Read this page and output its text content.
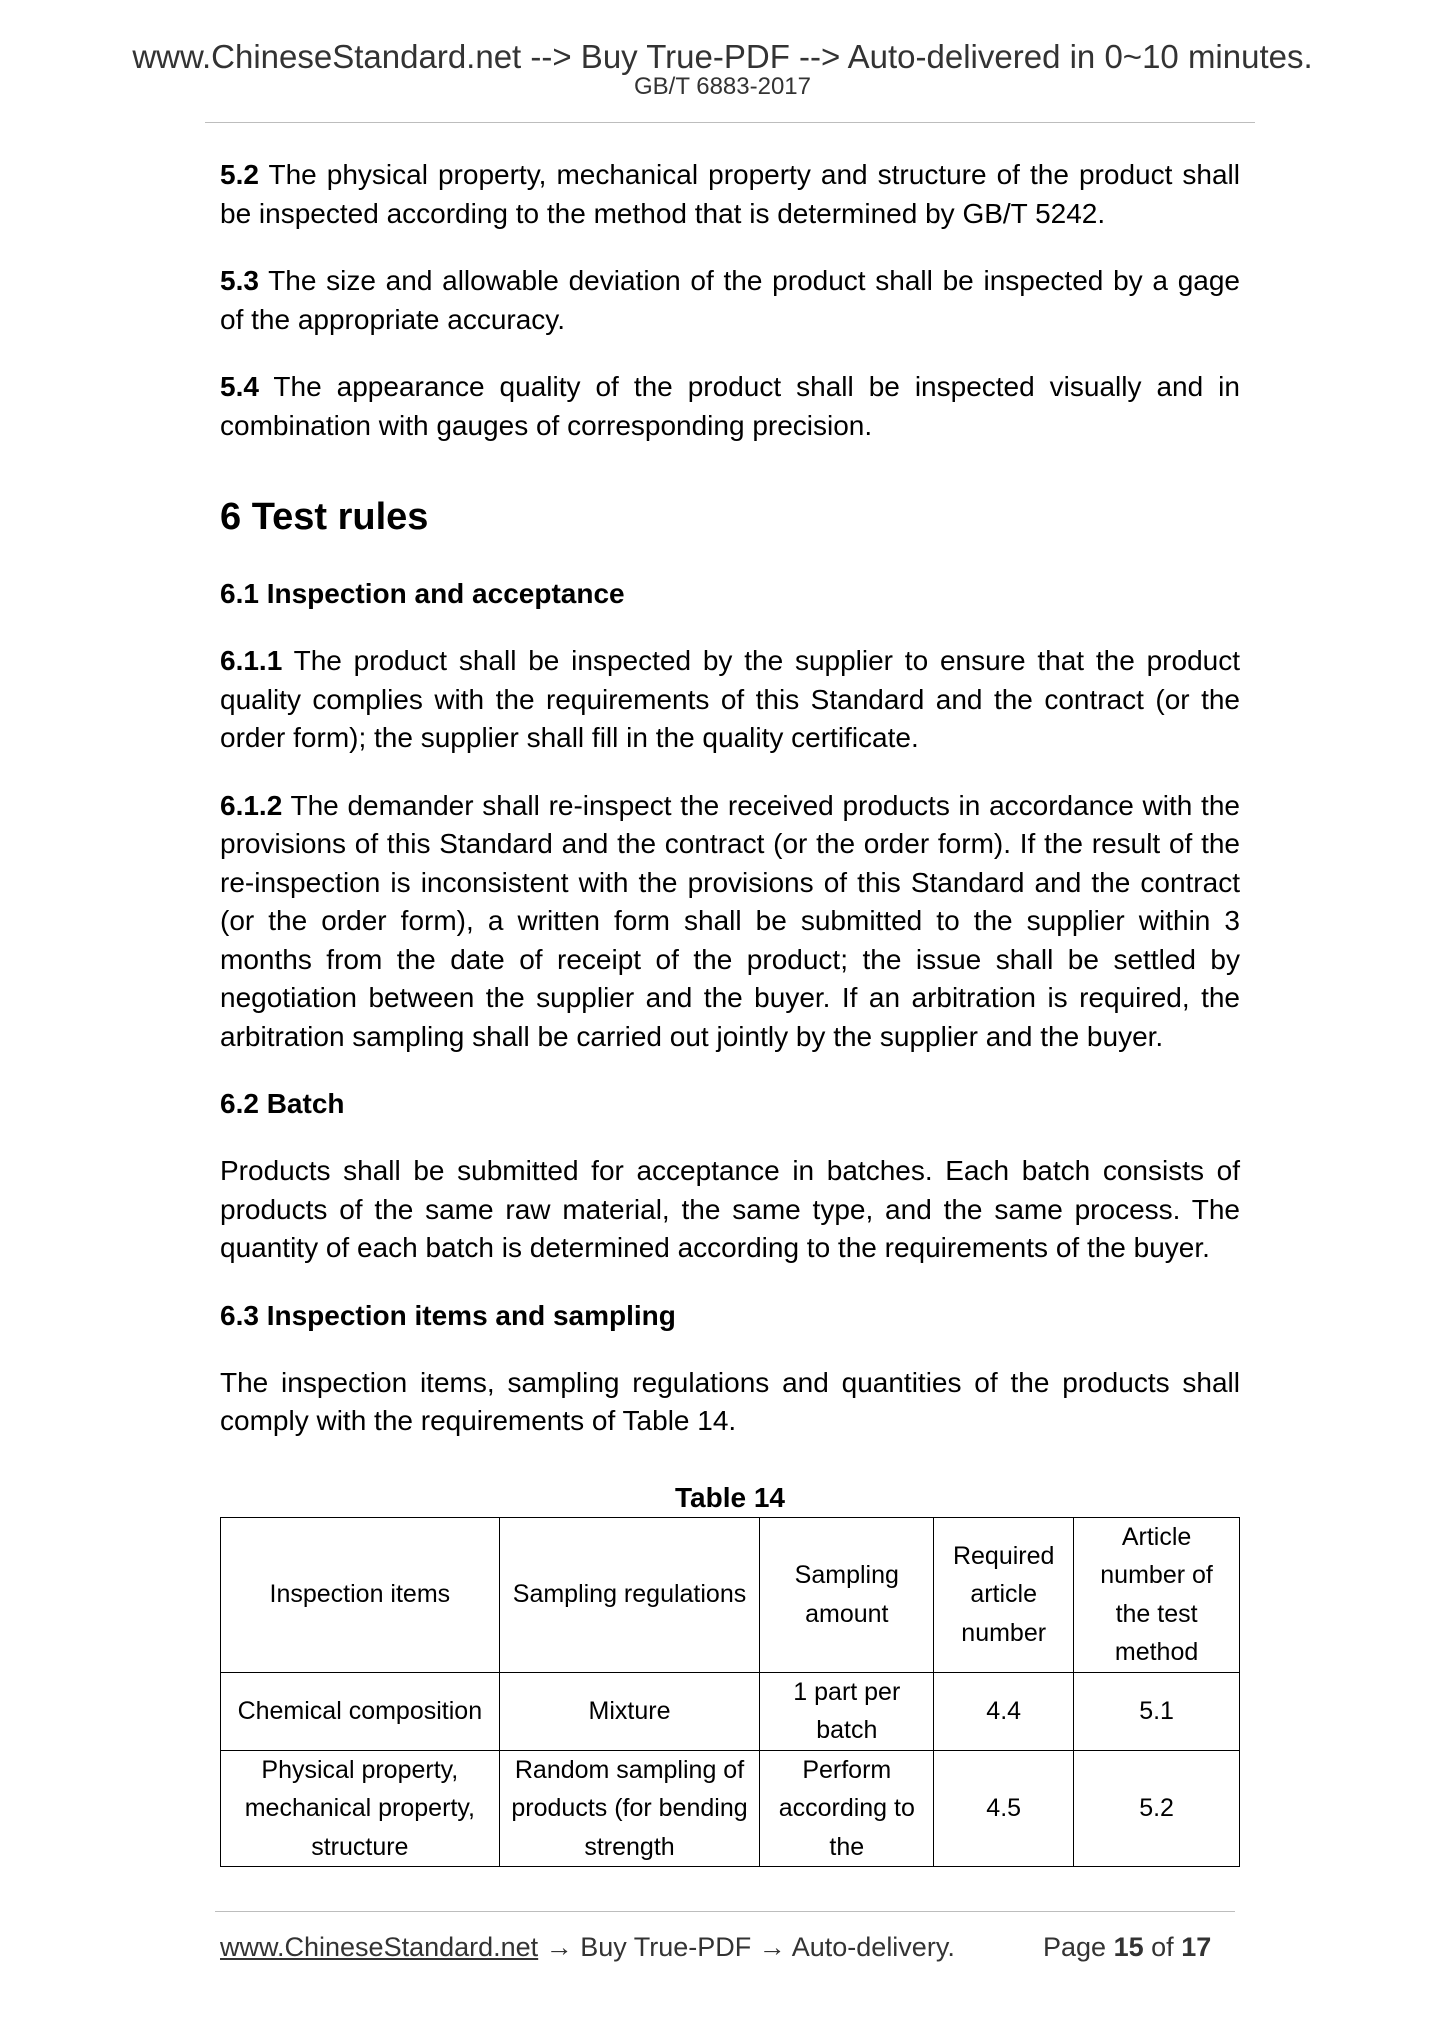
www.ChineseStandard.net --> Buy True-PDF --> Auto-delivered in 0~10 minutes.
GB/T 6883-2017

5.2 The physical property, mechanical property and structure of the product shall be inspected according to the method that is determined by GB/T 5242.

5.3 The size and allowable deviation of the product shall be inspected by a gage of the appropriate accuracy.

5.4 The appearance quality of the product shall be inspected visually and in combination with gauges of corresponding precision.

6 Test rules
6.1 Inspection and acceptance

6.1.1 The product shall be inspected by the supplier to ensure that the product quality complies with the requirements of this Standard and the contract (or the order form); the supplier shall fill in the quality certificate.

6.1.2 The demander shall re-inspect the received products in accordance with the provisions of this Standard and the contract (or the order form). If the result of the re-inspection is inconsistent with the provisions of this Standard and the contract (or the order form), a written form shall be submitted to the supplier within 3 months from the date of receipt of the product; the issue shall be settled by negotiation between the supplier and the buyer. If an arbitration is required, the arbitration sampling shall be carried out jointly by the supplier and the buyer.

6.2 Batch

Products shall be submitted for acceptance in batches. Each batch consists of products of the same raw material, the same type, and the same process. The quantity of each batch is determined according to the requirements of the buyer.

6.3 Inspection items and sampling

The inspection items, sampling regulations and quantities of the products shall comply with the requirements of Table 14.

Table 14
Inspection items	Sampling regulations	Sampling amount	Required article number	Article number of the test method
Chemical composition	Mixture	1 part per batch	4.4	5.1
Physical property, mechanical property, structure	Random sampling of products (for bending strength	Perform according to the	4.5	5.2
www.ChineseStandard.net → Buy True-PDF → Auto-delivery.	Page 15 of 17
